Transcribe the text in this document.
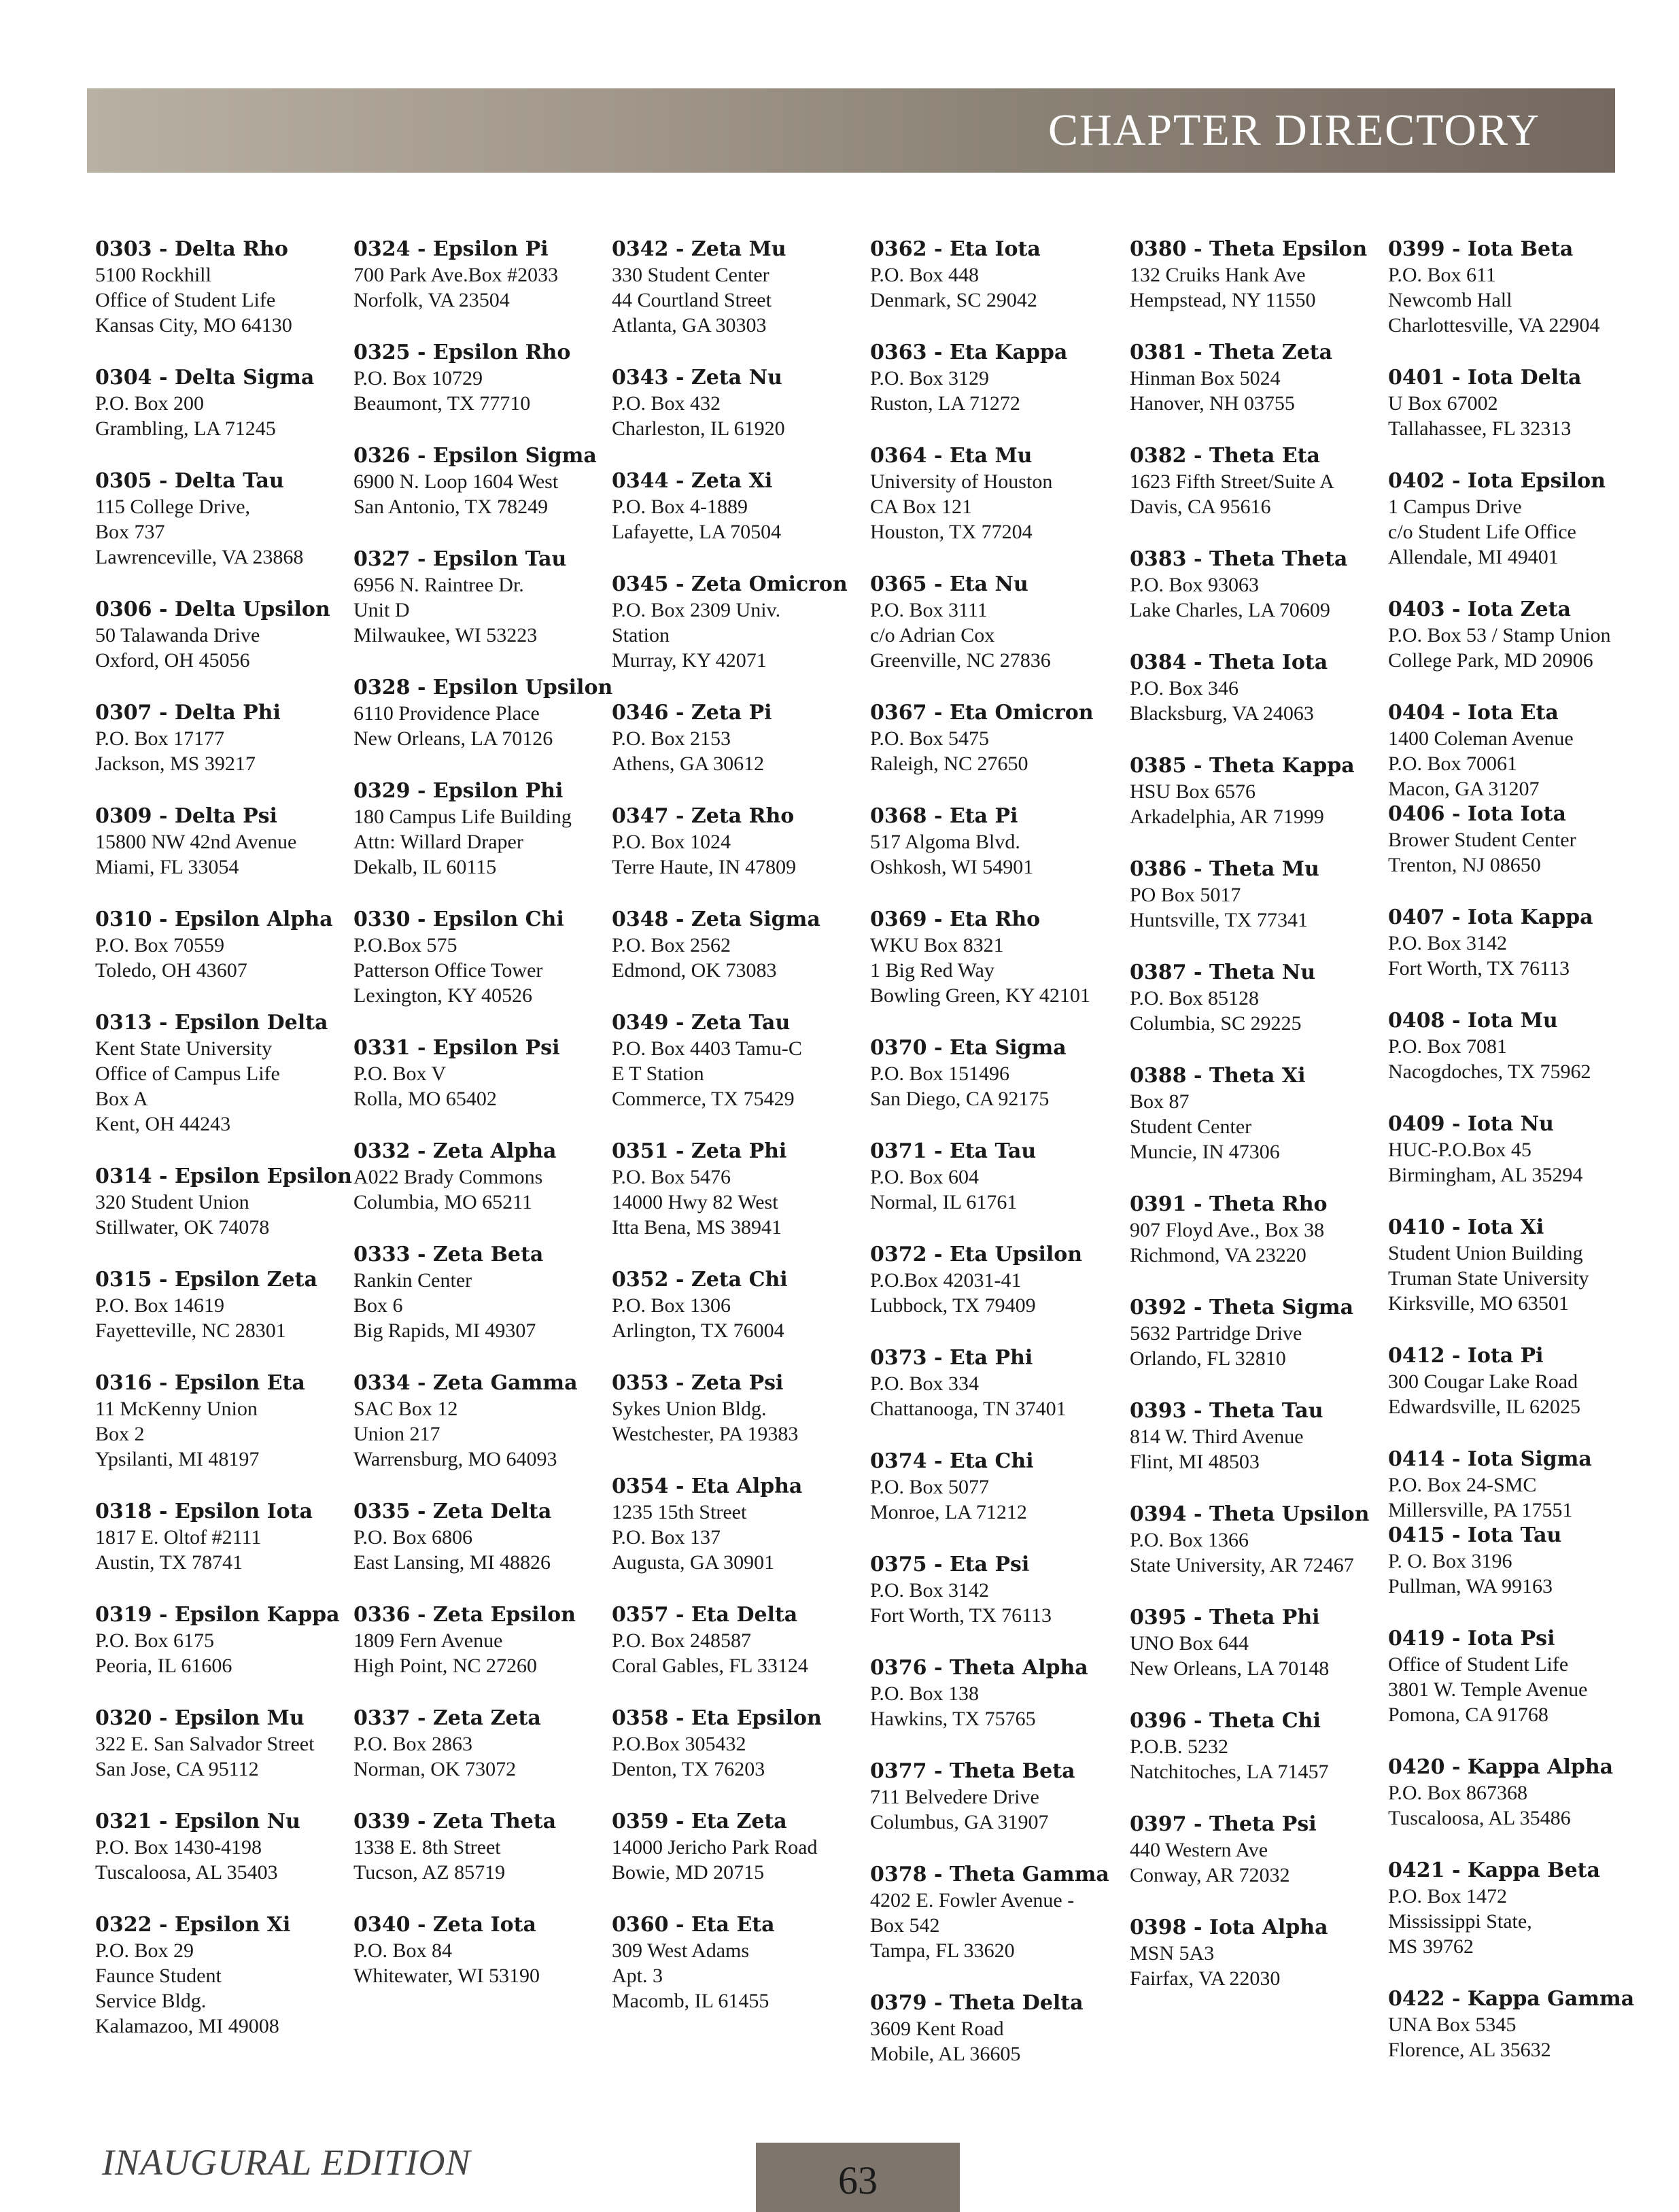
CHAPTER DIRECTORY
0303 - Delta Rho
5100 Rockhill
Office of Student Life
Kansas City, MO 64130
0304 - Delta Sigma
P.O. Box 200
Grambling, LA 71245
0305 - Delta Tau
115 College Drive,
Box 737
Lawrenceville, VA 23868
0306 - Delta Upsilon
50 Talawanda Drive
Oxford, OH 45056
0307 - Delta Phi
P.O. Box 17177
Jackson, MS 39217
0309 - Delta Psi
15800 NW 42nd Avenue
Miami, FL 33054
0310 - Epsilon Alpha
P.O. Box 70559
Toledo, OH 43607
0313 - Epsilon Delta
Kent State University
Office of Campus Life
Box A
Kent, OH 44243
0314 - Epsilon Epsilon
320 Student Union
Stillwater, OK 74078
0315 - Epsilon Zeta
P.O. Box 14619
Fayetteville, NC 28301
0316 - Epsilon Eta
11 McKenny Union
Box 2
Ypsilanti, MI 48197
0318 - Epsilon Iota
1817 E. Oltof #2111
Austin, TX 78741
0319 - Epsilon Kappa
P.O. Box 6175
Peoria, IL 61606
0320 - Epsilon Mu
322 E. San Salvador Street
San Jose, CA 95112
0321 - Epsilon Nu
P.O. Box 1430-4198
Tuscaloosa, AL 35403
0322 - Epsilon Xi
P.O. Box 29
Faunce Student
Service Bldg.
Kalamazoo, MI 49008
0324 - Epsilon Pi
700 Park Ave.Box #2033
Norfolk, VA 23504
0325 - Epsilon Rho
P.O. Box 10729
Beaumont, TX 77710
0326 - Epsilon Sigma
6900 N. Loop 1604 West
San Antonio, TX 78249
0327 - Epsilon Tau
6956 N. Raintree Dr.
Unit D
Milwaukee, WI 53223
0328 - Epsilon Upsilon
6110 Providence Place
New Orleans, LA 70126
0329 - Epsilon Phi
180 Campus Life Building
Attn: Willard Draper
Dekalb, IL 60115
0330 - Epsilon Chi
P.O.Box 575
Patterson Office Tower
Lexington, KY 40526
0331 - Epsilon Psi
P.O. Box V
Rolla, MO 65402
0332 - Zeta Alpha
A022 Brady Commons
Columbia, MO 65211
0333 - Zeta Beta
Rankin Center
Box 6
Big Rapids, MI 49307
0334 - Zeta Gamma
SAC Box 12
Union 217
Warrensburg, MO 64093
0335 - Zeta Delta
P.O. Box 6806
East Lansing, MI 48826
0336 - Zeta Epsilon
1809 Fern Avenue
High Point, NC 27260
0337 - Zeta Zeta
P.O. Box 2863
Norman, OK 73072
0339 - Zeta Theta
1338 E. 8th Street
Tucson, AZ 85719
0340 - Zeta Iota
P.O. Box 84
Whitewater, WI 53190
0342 - Zeta Mu
330 Student Center
44 Courtland Street
Atlanta, GA 30303
0343 - Zeta Nu
P.O. Box 432
Charleston, IL 61920
0344 - Zeta Xi
P.O. Box 4-1889
Lafayette, LA 70504
0345 - Zeta Omicron
P.O. Box 2309 Univ.
Station
Murray, KY 42071
0346 - Zeta Pi
P.O. Box 2153
Athens, GA 30612
0347 - Zeta Rho
P.O. Box 1024
Terre Haute, IN 47809
0348 - Zeta Sigma
P.O. Box 2562
Edmond, OK 73083
0349 - Zeta Tau
P.O. Box 4403 Tamu-C
E T Station
Commerce, TX 75429
0351 - Zeta Phi
P.O. Box 5476
14000 Hwy 82 West
Itta Bena, MS 38941
0352 - Zeta Chi
P.O. Box 1306
Arlington, TX 76004
0353 - Zeta Psi
Sykes Union Bldg.
Westchester, PA 19383
0354 - Eta Alpha
1235 15th Street
P.O. Box 137
Augusta, GA 30901
0357 - Eta Delta
P.O. Box 248587
Coral Gables, FL 33124
0358 - Eta Epsilon
P.O.Box 305432
Denton, TX 76203
0359 - Eta Zeta
14000 Jericho Park Road
Bowie, MD 20715
0360 - Eta Eta
309 West Adams
Apt. 3
Macomb, IL 61455
0362 - Eta Iota
P.O. Box 448
Denmark, SC 29042
0363 - Eta Kappa
P.O. Box 3129
Ruston, LA 71272
0364 - Eta Mu
University of Houston
CA Box 121
Houston, TX 77204
0365 - Eta Nu
P.O. Box 3111
c/o Adrian Cox
Greenville, NC 27836
0367 - Eta Omicron
P.O. Box 5475
Raleigh, NC 27650
0368 - Eta Pi
517 Algoma Blvd.
Oshkosh, WI 54901
0369 - Eta Rho
WKU Box 8321
1 Big Red Way
Bowling Green, KY 42101
0370 - Eta Sigma
P.O. Box 151496
San Diego, CA 92175
0371 - Eta Tau
P.O. Box 604
Normal, IL 61761
0372 - Eta Upsilon
P.O.Box 42031-41
Lubbock, TX 79409
0373 - Eta Phi
P.O. Box 334
Chattanooga, TN 37401
0374 - Eta Chi
P.O. Box 5077
Monroe, LA 71212
0375 - Eta Psi
P.O. Box 3142
Fort Worth, TX 76113
0376 - Theta Alpha
P.O. Box 138
Hawkins, TX 75765
0377 - Theta Beta
711 Belvedere Drive
Columbus, GA 31907
0378 - Theta Gamma
4202 E. Fowler Avenue -
Box 542
Tampa, FL 33620
0379 - Theta Delta
3609 Kent Road
Mobile, AL 36605
0380 - Theta Epsilon
132 Cruiks Hank Ave
Hempstead, NY 11550
0381 - Theta Zeta
Hinman Box 5024
Hanover, NH 03755
0382 - Theta Eta
1623 Fifth Street/Suite A
Davis, CA 95616
0383 - Theta Theta
P.O. Box 93063
Lake Charles, LA 70609
0384 - Theta Iota
P.O. Box 346
Blacksburg, VA 24063
0385 - Theta Kappa
HSU Box 6576
Arkadelphia, AR 71999
0386 - Theta Mu
PO Box 5017
Huntsville, TX 77341
0387 - Theta Nu
P.O. Box 85128
Columbia, SC 29225
0388 - Theta Xi
Box 87
Student Center
Muncie, IN 47306
0391 - Theta Rho
907 Floyd Ave., Box 38
Richmond, VA 23220
0392 - Theta Sigma
5632 Partridge Drive
Orlando, FL 32810
0393 - Theta Tau
814 W. Third Avenue
Flint, MI 48503
0394 - Theta Upsilon
P.O. Box 1366
State University, AR 72467
0395 - Theta Phi
UNO Box 644
New Orleans, LA 70148
0396 - Theta Chi
P.O.B. 5232
Natchitoches, LA 71457
0397 - Theta Psi
440 Western Ave
Conway, AR 72032
0398 - Iota Alpha
MSN 5A3
Fairfax, VA 22030
0399 - Iota Beta
P.O. Box 611
Newcomb Hall
Charlottesville, VA 22904
0401 - Iota Delta
U Box 67002
Tallahassee, FL 32313
0402 - Iota Epsilon
1 Campus Drive
c/o Student Life Office
Allendale, MI 49401
0403 - Iota Zeta
P.O. Box 53 / Stamp Union
College Park, MD 20906
0404 - Iota Eta
1400 Coleman Avenue
P.O. Box 70061
Macon, GA 31207
0406 - Iota Iota
Brower Student Center
Trenton, NJ 08650
0407 - Iota Kappa
P.O. Box 3142
Fort Worth, TX 76113
0408 - Iota Mu
P.O. Box 7081
Nacogdoches, TX 75962
0409 - Iota Nu
HUC-P.O.Box 45
Birmingham, AL 35294
0410 - Iota Xi
Student Union Building
Truman State University
Kirksville, MO 63501
0412 - Iota Pi
300 Cougar Lake Road
Edwardsville, IL 62025
0414 - Iota Sigma
P.O. Box 24-SMC
Millersville, PA 17551
0415 - Iota Tau
P. O. Box 3196
Pullman, WA 99163
0419 - Iota Psi
Office of Student Life
3801 W. Temple Avenue
Pomona, CA 91768
0420 - Kappa Alpha
P.O. Box 867368
Tuscaloosa, AL 35486
0421 - Kappa Beta
P.O. Box 1472
Mississippi State,
MS 39762
0422 - Kappa Gamma
UNA Box 5345
Florence, AL 35632
INAUGURAL EDITION	63
